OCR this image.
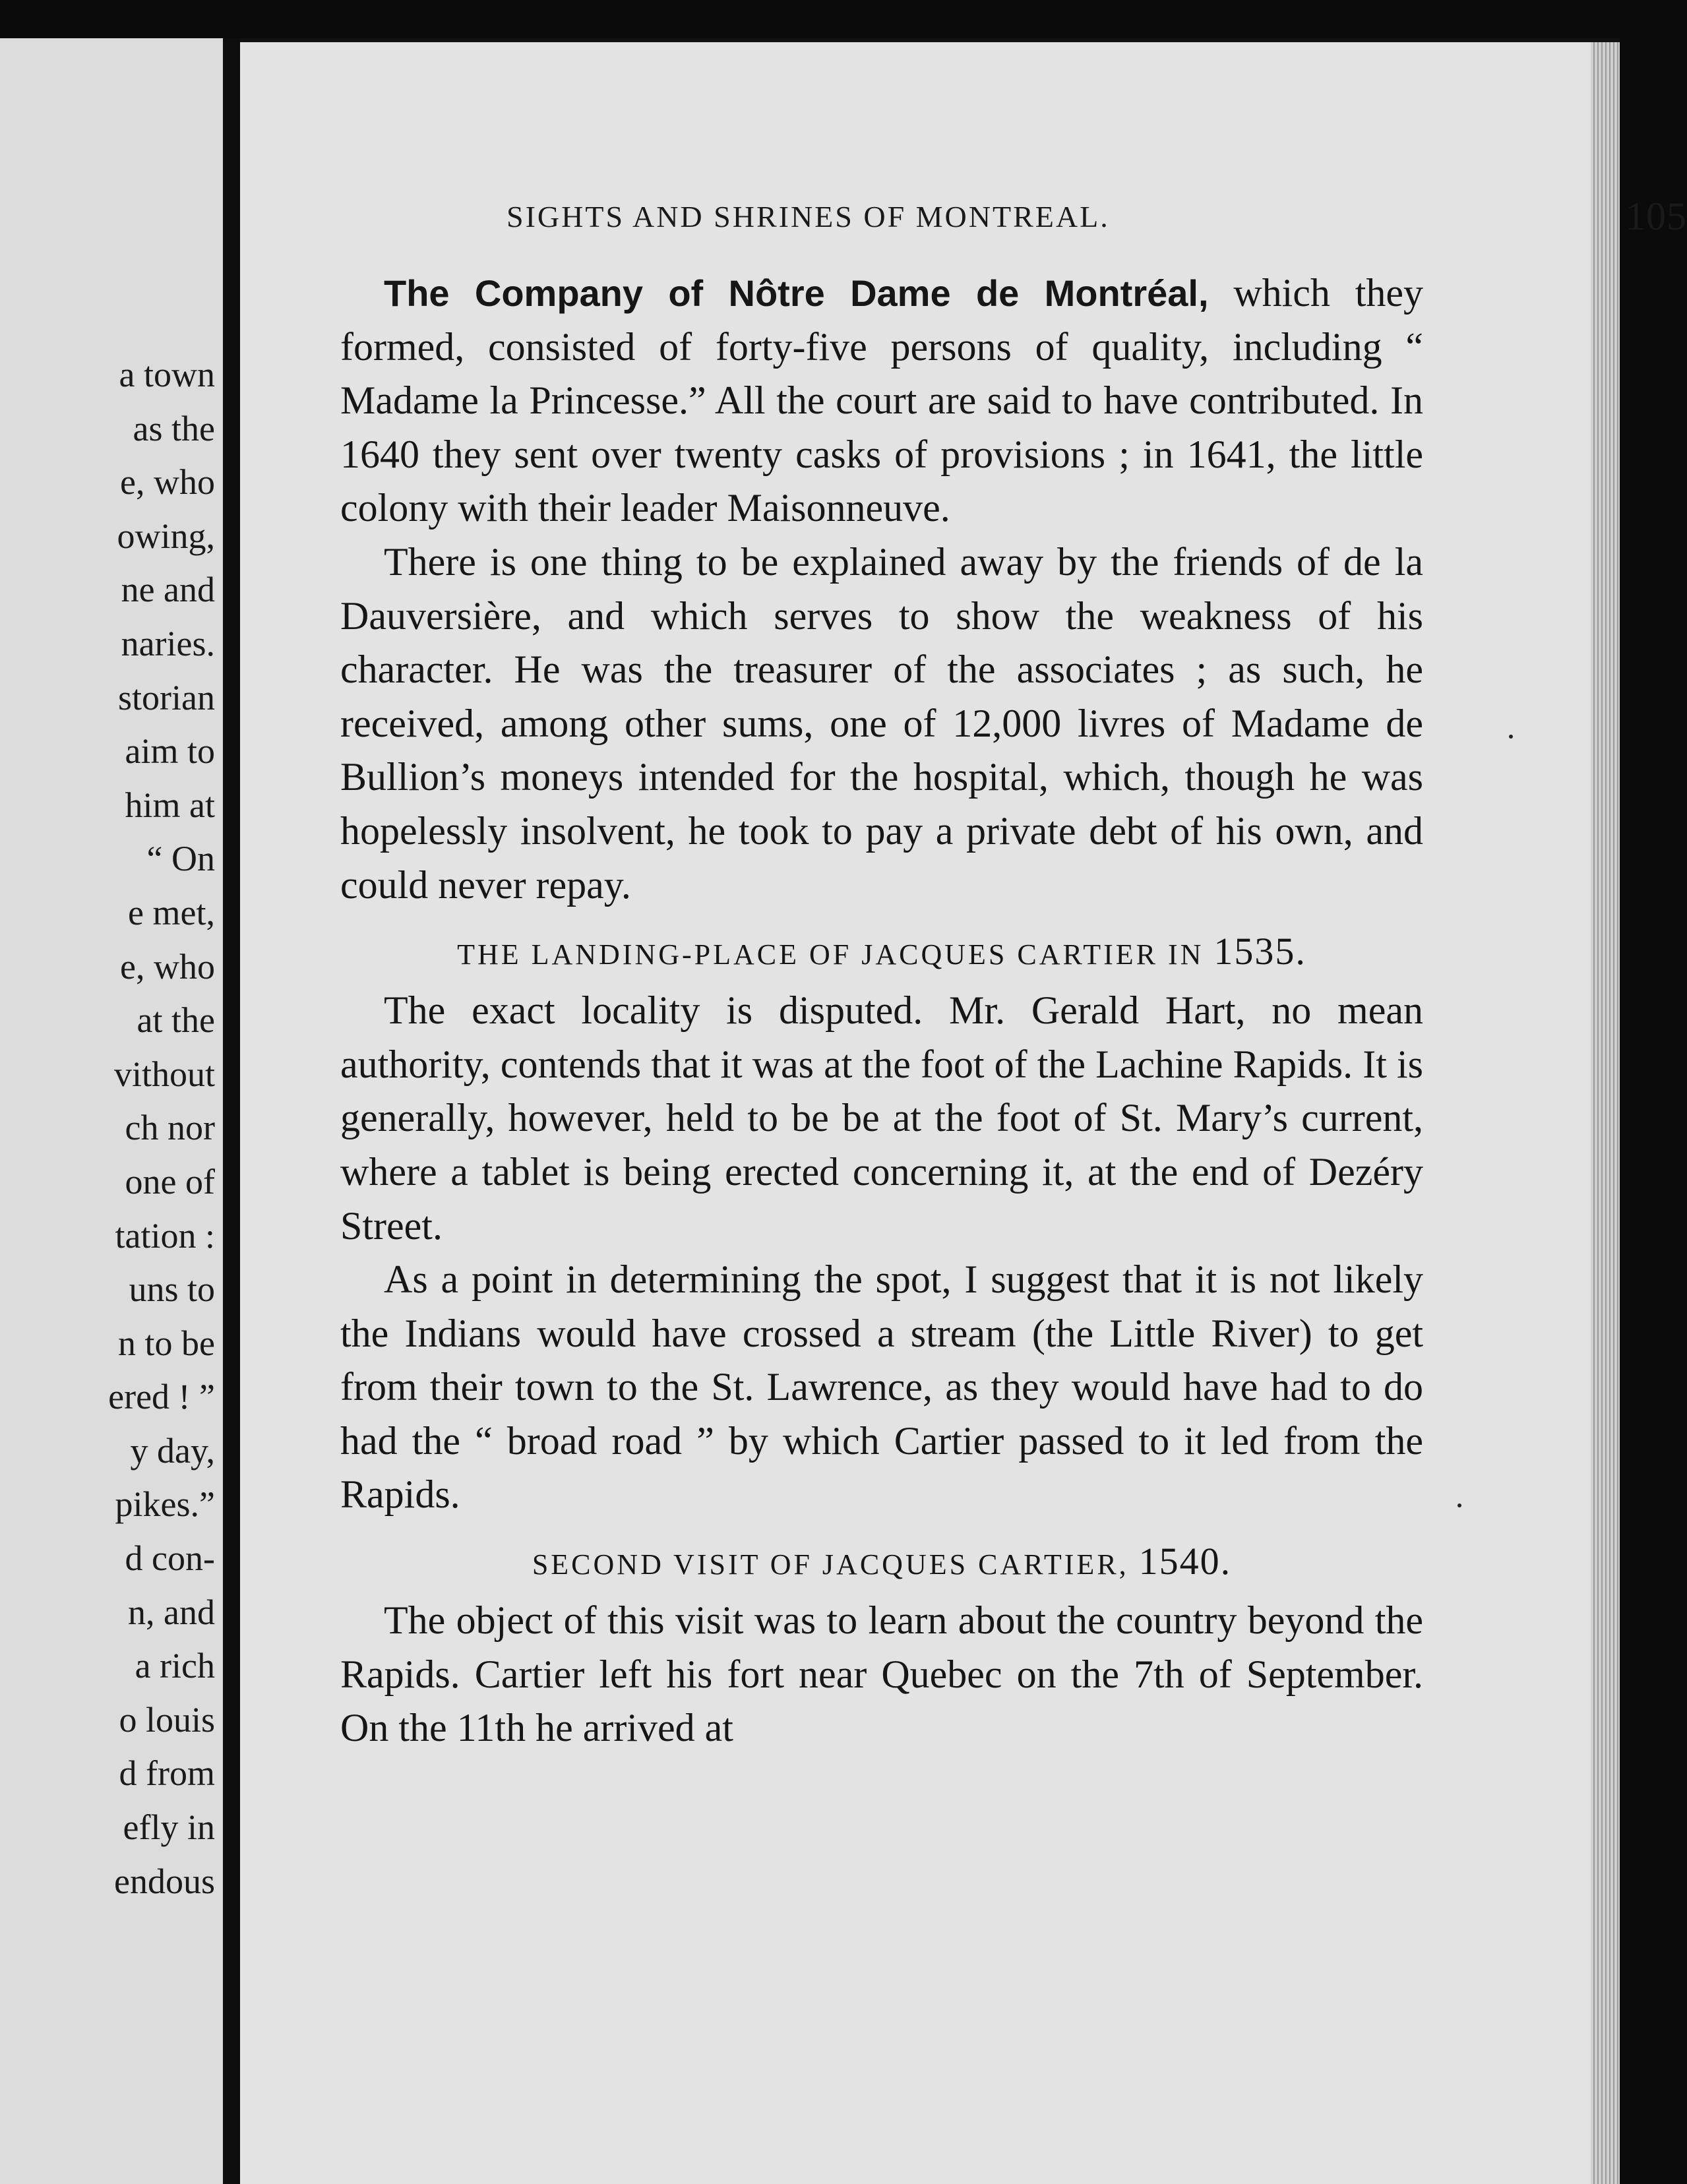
a town
as the
e, who
owing,
ne and
naries.
storian
aim to
him at
“ On
e met,
e, who
at the
vithout
ch nor
one of
tation :
uns to
n to be
ered ! ”
y day,
pikes.”
d con-
n, and
a rich
o louis
d from
efly in
endous
SIGHTS AND SHRINES OF MONTREAL.	105

The Company of Nôtre Dame de Montréal, which they formed, consisted of forty-five persons of quality, including “ Madame la Princesse.” All the court are said to have contributed. In 1640 they sent over twenty casks of provisions ; in 1641, the little colony with their leader Maisonneuve.

There is one thing to be explained away by the friends of de la Dauversière, and which serves to show the weakness of his character. He was the treasurer of the associates ; as such, he received, among other sums, one of 12,000 livres of Madame de Bullion’s moneys intended for the hospital, which, though he was hopelessly insolvent, he took to pay a private debt of his own, and could never repay.

THE LANDING-PLACE OF JACQUES CARTIER IN 1535.

The exact locality is disputed. Mr. Gerald Hart, no mean authority, contends that it was at the foot of the Lachine Rapids. It is generally, however, held to be be at the foot of St. Mary’s current, where a tablet is being erected concerning it, at the end of Dezéry Street.

As a point in determining the spot, I suggest that it is not likely the Indians would have crossed a stream (the Little River) to get from their town to the St. Lawrence, as they would have had to do had the “ broad road ” by which Cartier passed to it led from the Rapids.

SECOND VISIT OF JACQUES CARTIER, 1540.

The object of this visit was to learn about the country beyond the Rapids. Cartier left his fort near Quebec on the 7th of September. On the 11th he arrived at
